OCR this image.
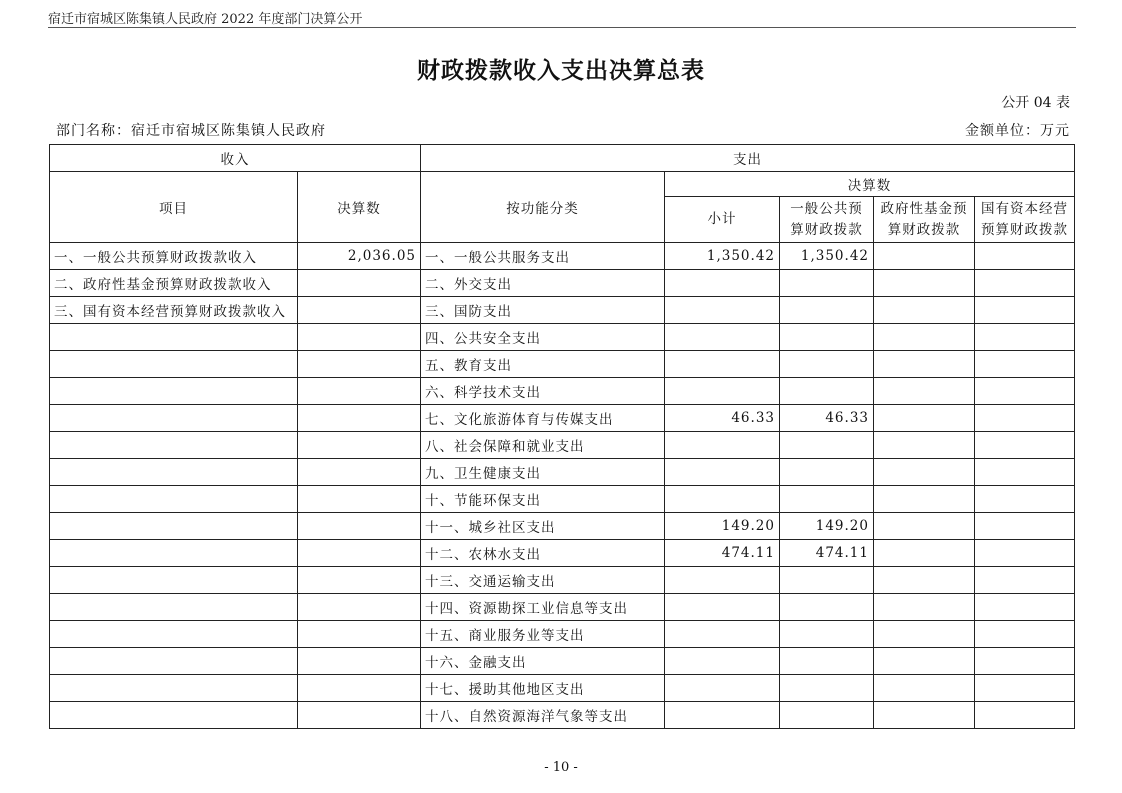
宿迁市宿城区陈集镇人民政府 2022 年度部门决算公开
财政拨款收入支出决算总表
公开 04 表
部门名称：宿迁市宿城区陈集镇人民政府	金额单位：万元
收入		支出				
项目	决算数	按功能分类	决算数			
			小计	一般公共预算财政拨款	政府性基金预算财政拨款	国有资本经营预算财政拨款
一、一般公共预算财政拨款收入	2,036.05	一、一般公共服务支出	1,350.42	1,350.42		
二、政府性基金预算财政拨款收入		二、外交支出				
三、国有资本经营预算财政拨款收入		三、国防支出				
		四、公共安全支出				
		五、教育支出				
		六、科学技术支出				
		七、文化旅游体育与传媒支出	46.33	46.33		
		八、社会保障和就业支出				
		九、卫生健康支出				
		十、节能环保支出				
		十一、城乡社区支出	149.20	149.20		
		十二、农林水支出	474.11	474.11		
		十三、交通运输支出				
		十四、资源勘探工业信息等支出				
		十五、商业服务业等支出				
		十六、金融支出				
		十七、援助其他地区支出				
		十八、自然资源海洋气象等支出				
- 10 -
